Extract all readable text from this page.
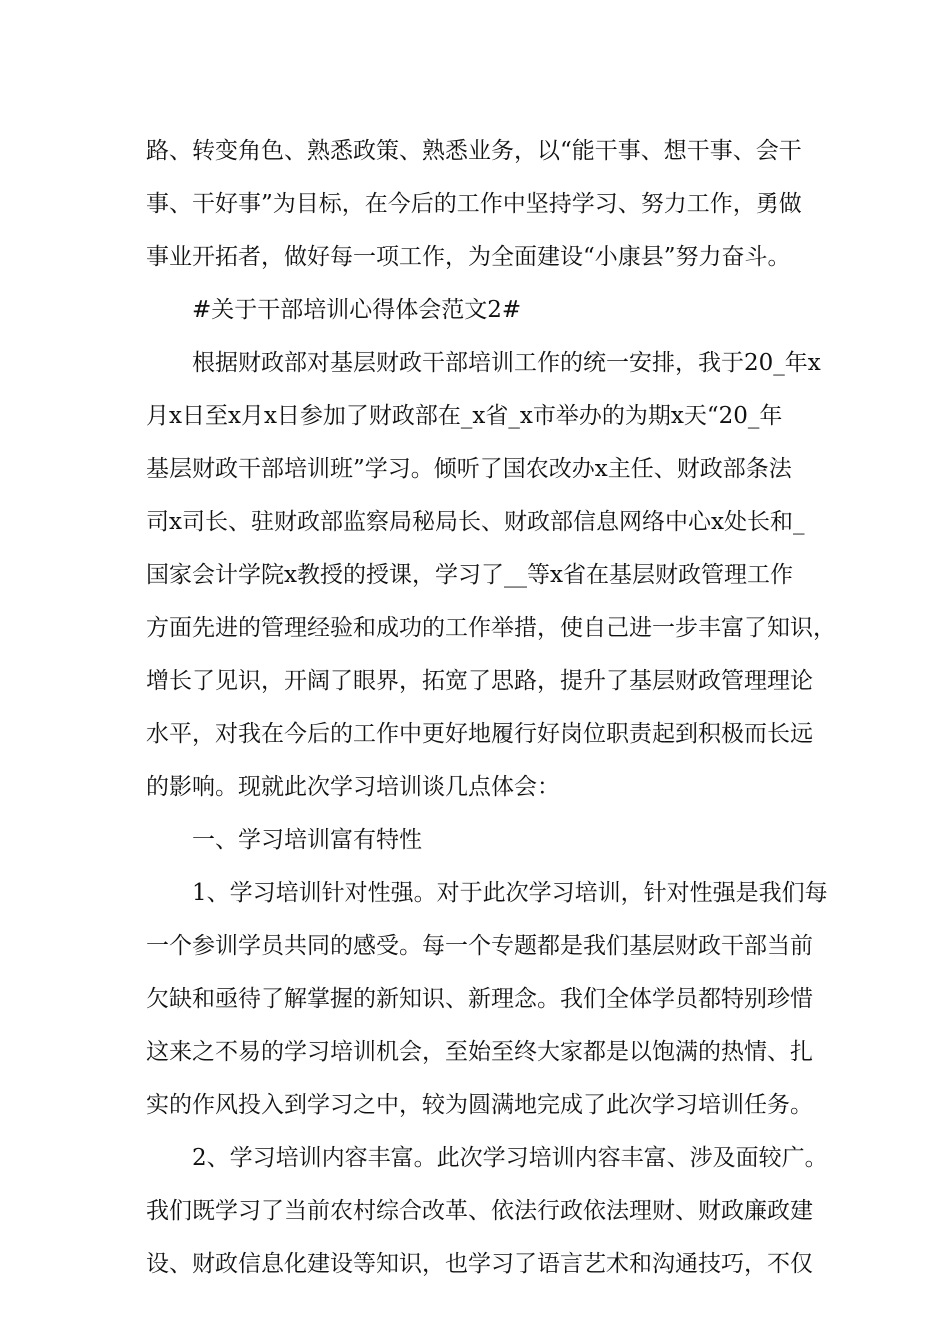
路、转变角色、熟悉政策、熟悉业务，以“能干事、想干事、会干
事、干好事”为目标，在今后的工作中坚持学习、努力工作，勇做
事业开拓者，做好每一项工作，为全面建设“小康县”努力奋斗。
#关于干部培训心得体会范文2#
根据财政部对基层财政干部培训工作的统一安排，我于20_年x
月x日至x月x日参加了财政部在_x省_x市举办的为期x天“20_年
基层财政干部培训班”学习。倾听了国农改办x主任、财政部条法
司x司长、驻财政部监察局秘局长、财政部信息网络中心x处长和_
国家会计学院x教授的授课，学习了__等x省在基层财政管理工作
方面先进的管理经验和成功的工作举措，使自己进一步丰富了知识，
增长了见识，开阔了眼界，拓宽了思路，提升了基层财政管理理论
水平，对我在今后的工作中更好地履行好岗位职责起到积极而长远
的影响。现就此次学习培训谈几点体会：
一、学习培训富有特性
1、学习培训针对性强。对于此次学习培训，针对性强是我们每
一个参训学员共同的感受。每一个专题都是我们基层财政干部当前
欠缺和亟待了解掌握的新知识、新理念。我们全体学员都特别珍惜
这来之不易的学习培训机会，至始至终大家都是以饱满的热情、扎
实的作风投入到学习之中，较为圆满地完成了此次学习培训任务。
2、学习培训内容丰富。此次学习培训内容丰富、涉及面较广。
我们既学习了当前农村综合改革、依法行政依法理财、财政廉政建
设、财政信息化建设等知识，也学习了语言艺术和沟通技巧，不仅
